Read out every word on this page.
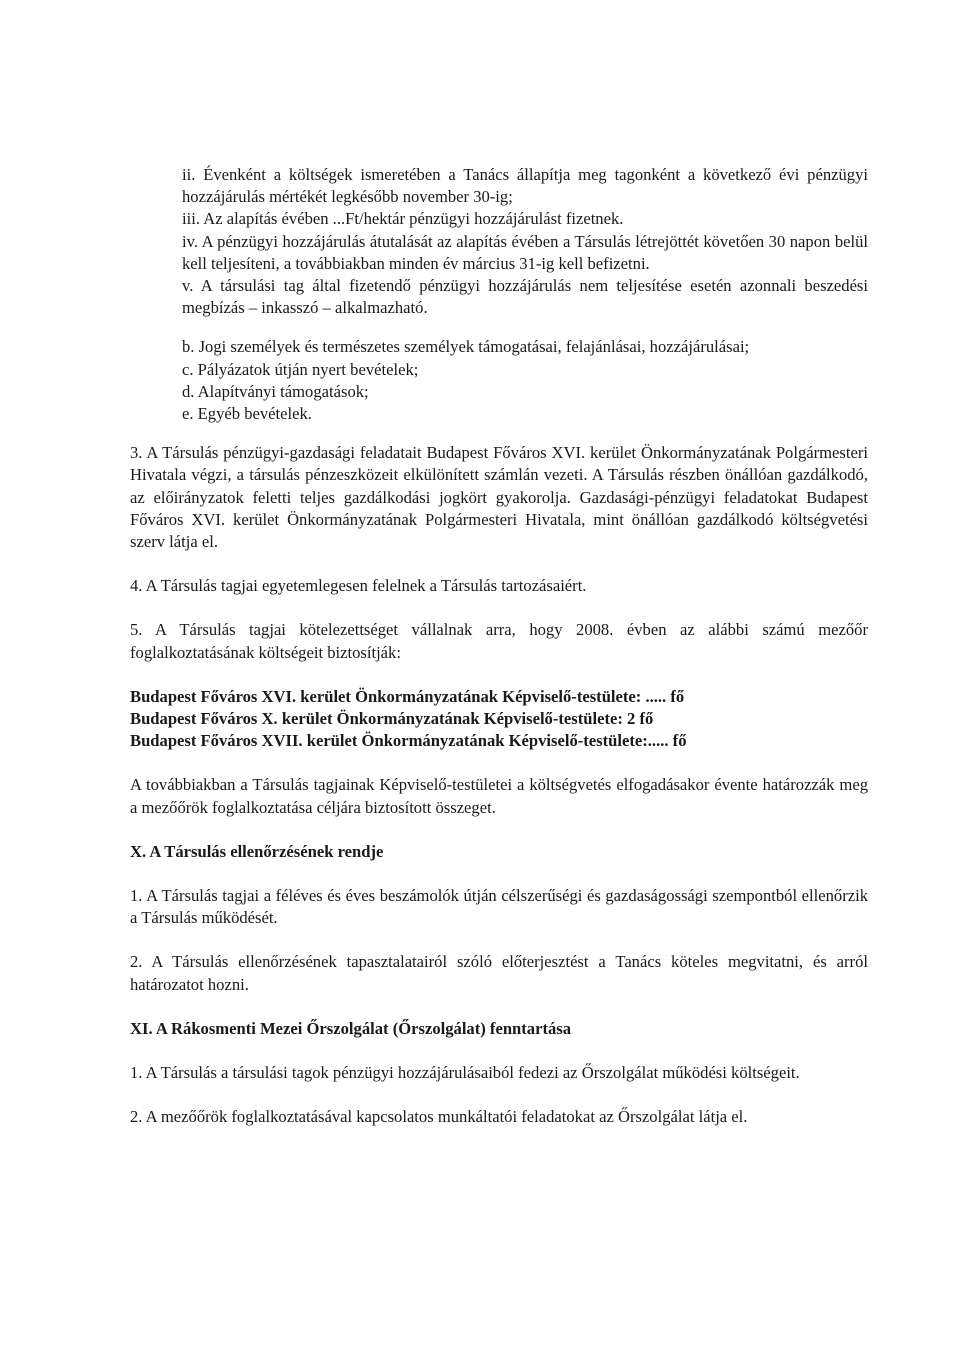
ii. Évenként a költségek ismeretében a Tanács állapítja meg tagonként a következő évi pénzügyi hozzájárulás mértékét legkésőbb november 30-ig;

iii. Az alapítás évében ...Ft/hektár pénzügyi hozzájárulást fizetnek.

iv. A pénzügyi hozzájárulás átutalását az alapítás évében a Társulás létrejöttét követően 30 napon belül kell teljesíteni, a továbbiakban minden év március 31-ig kell befizetni.

v. A társulási tag által fizetendő pénzügyi hozzájárulás nem teljesítése esetén azonnali beszedési megbízás – inkasszó – alkalmazható.

b. Jogi személyek és természetes személyek támogatásai, felajánlásai, hozzájárulásai;

c. Pályázatok útján nyert bevételek;

d. Alapítványi támogatások;

e. Egyéb bevételek.

3. A Társulás pénzügyi-gazdasági feladatait Budapest Főváros XVI. kerület Önkormányzatának Polgármesteri Hivatala végzi, a társulás pénzeszközeit elkülönített számlán vezeti. A Társulás részben önállóan gazdálkodó, az előirányzatok feletti teljes gazdálkodási jogkört gyakorolja. Gazdasági-pénzügyi feladatokat Budapest Főváros XVI. kerület Önkormányzatának Polgármesteri Hivatala, mint önállóan gazdálkodó költségvetési szerv látja el.

4. A Társulás tagjai egyetemlegesen felelnek a Társulás tartozásaiért.

5. A Társulás tagjai kötelezettséget vállalnak arra, hogy 2008. évben az alábbi számú mezőőr foglalkoztatásának költségeit biztosítják:

Budapest Főváros XVI. kerület Önkormányzatának Képviselő-testülete: ..... fő

Budapest Főváros X. kerület Önkormányzatának Képviselő-testülete: 2 fő

Budapest Főváros XVII. kerület Önkormányzatának Képviselő-testülete:..... fő

A továbbiakban a Társulás tagjainak Képviselő-testületei a költségvetés elfogadásakor évente határozzák meg a mezőőrök foglalkoztatása céljára biztosított összeget.

X. A Társulás ellenőrzésének rendje

1. A Társulás tagjai a féléves és éves beszámolók útján célszerűségi és gazdaságossági szempontból ellenőrzik a Társulás működését.

2. A Társulás ellenőrzésének tapasztalatairól szóló előterjesztést a Tanács köteles megvitatni, és arról határozatot hozni.

XI. A Rákosmenti Mezei Őrszolgálat (Őrszolgálat) fenntartása

1. A Társulás a társulási tagok pénzügyi hozzájárulásaiból fedezi az Őrszolgálat működési költségeit.

2. A mezőőrök foglalkoztatásával kapcsolatos munkáltatói feladatokat az Őrszolgálat látja el.
